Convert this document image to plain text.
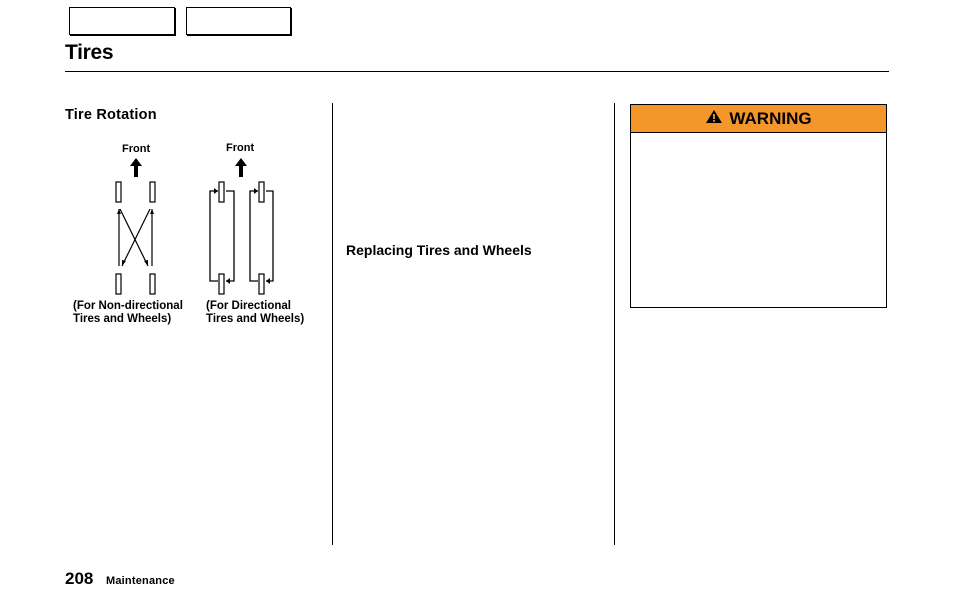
Tires
Tire Rotation
Front	Front
(For Non-directional
Tires and Wheels)
(For Directional
Tires and Wheels)
Replacing Tires and Wheels
WARNING
208 Maintenance
